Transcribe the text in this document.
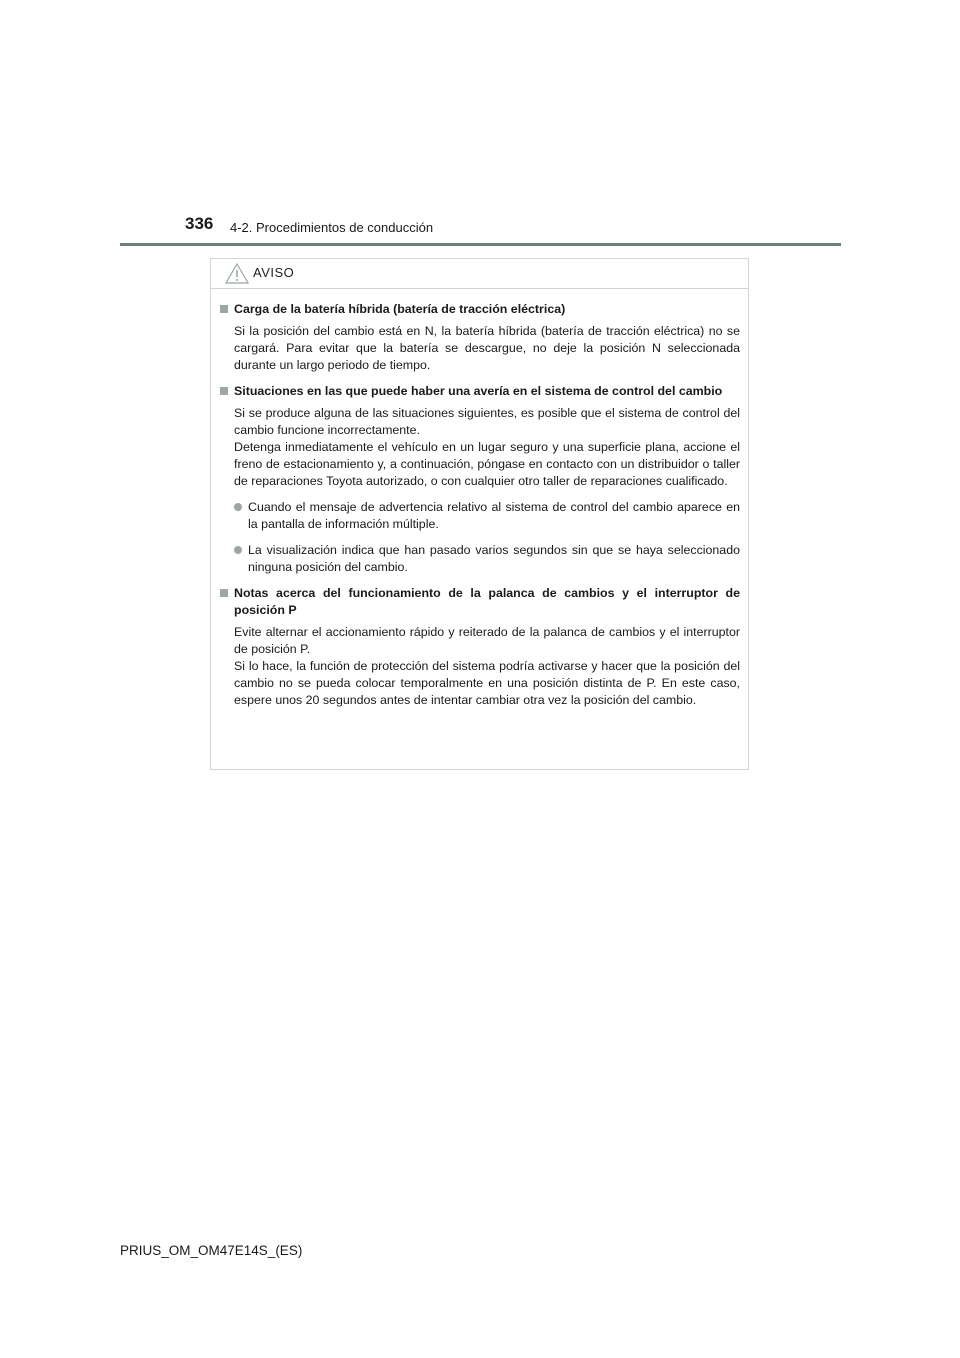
336 4-2. Procedimientos de conducción
AVISO
Carga de la batería híbrida (batería de tracción eléctrica)

Si la posición del cambio está en N, la batería híbrida (batería de tracción eléctrica) no se cargará. Para evitar que la batería se descargue, no deje la posición N seleccionada durante un largo periodo de tiempo.

Situaciones en las que puede haber una avería en el sistema de control del cambio

Si se produce alguna de las situaciones siguientes, es posible que el sistema de control del cambio funcione incorrectamente.

Detenga inmediatamente el vehículo en un lugar seguro y una superficie plana, accione el freno de estacionamiento y, a continuación, póngase en contacto con un distribuidor o taller de reparaciones Toyota autorizado, o con cualquier otro taller de reparaciones cualificado.

Cuando el mensaje de advertencia relativo al sistema de control del cambio aparece en la pantalla de información múltiple.
La visualización indica que han pasado varios segundos sin que se haya seleccionado ninguna posición del cambio.
Notas acerca del funcionamiento de la palanca de cambios y el interruptor de posición P

Evite alternar el accionamiento rápido y reiterado de la palanca de cambios y el interruptor de posición P.

Si lo hace, la función de protección del sistema podría activarse y hacer que la posición del cambio no se pueda colocar temporalmente en una posición distinta de P. En este caso, espere unos 20 segundos antes de intentar cambiar otra vez la posición del cambio.

PRIUS_OM_OM47E14S_(ES)
